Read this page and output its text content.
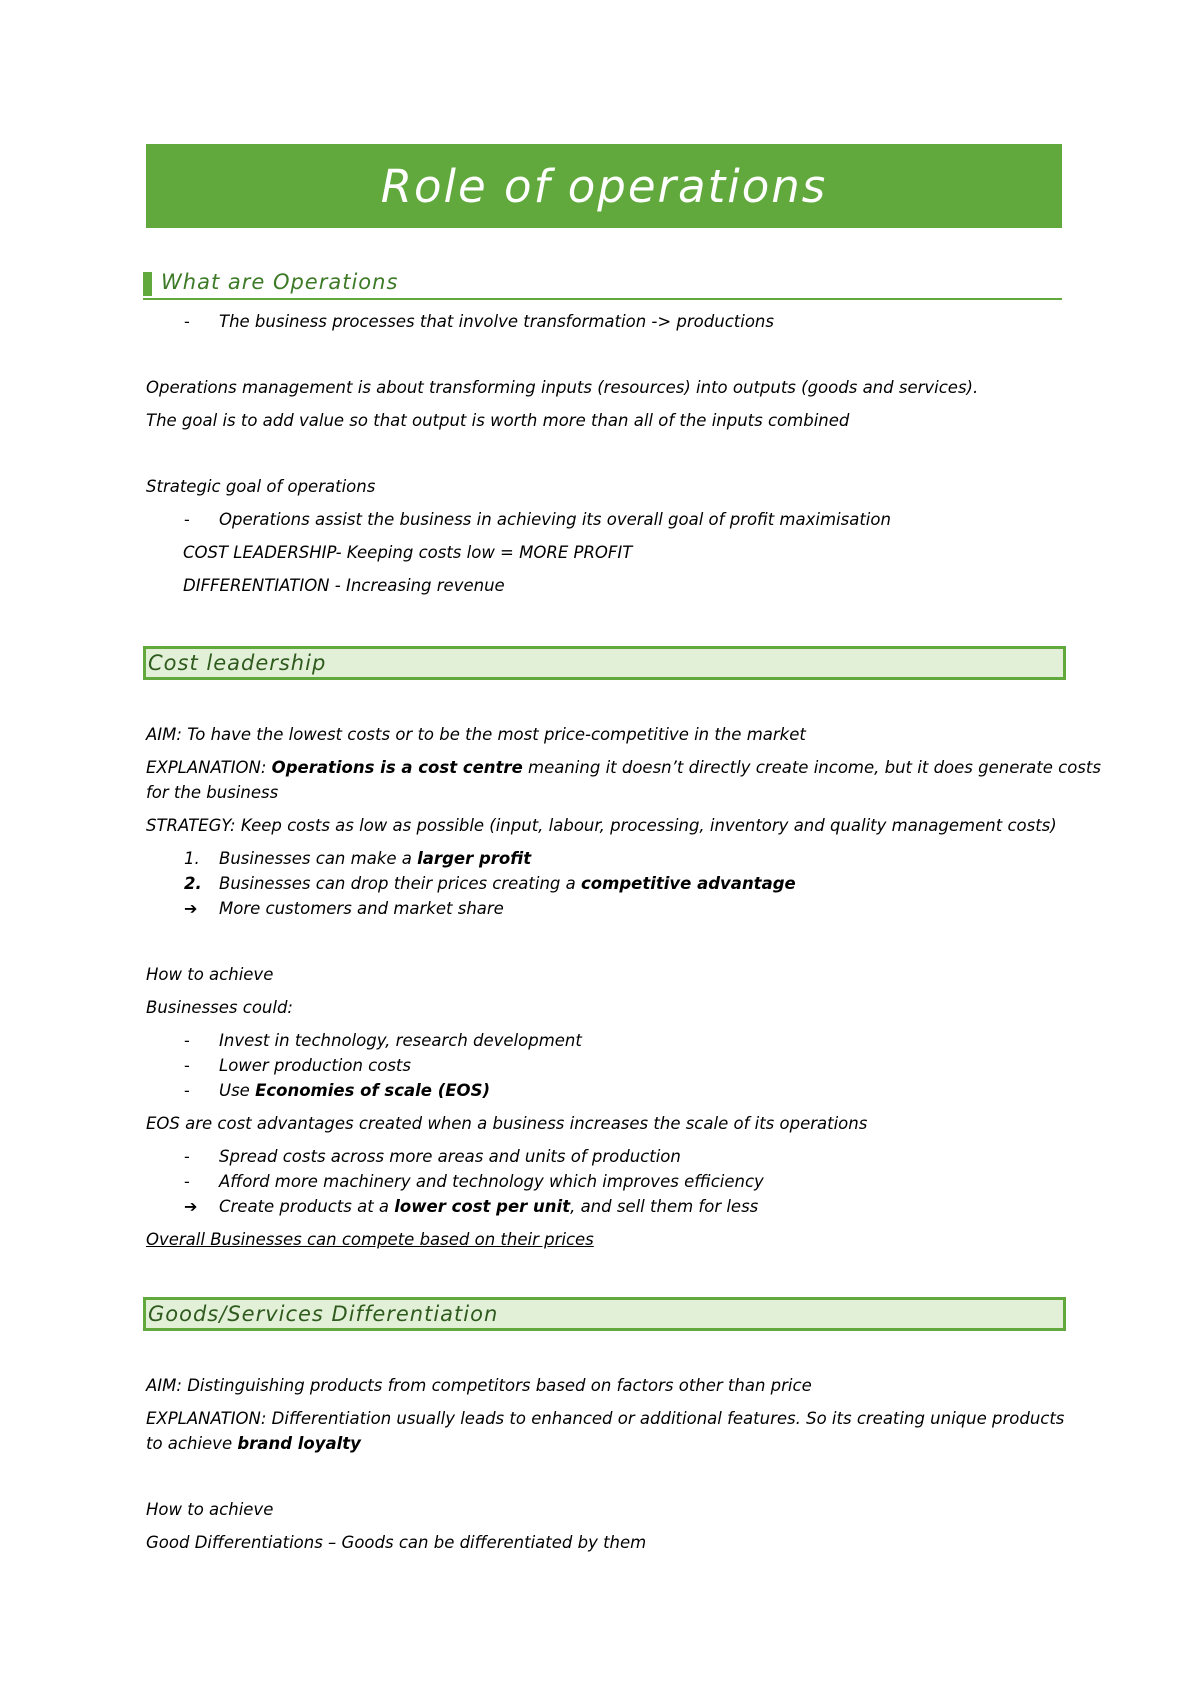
Role of operations
What are Operations
- The business processes that involve transformation -> productions
Operations management is about transforming inputs (resources) into outputs (goods and services).
The goal is to add value so that output is worth more than all of the inputs combined
Strategic goal of operations
- Operations assist the business in achieving its overall goal of profit maximisation
COST LEADERSHIP- Keeping costs low = MORE PROFIT
DIFFERENTIATION - Increasing revenue
Cost leadership
AIM: To have the lowest costs or to be the most price-competitive in the market
EXPLANATION: Operations is a cost centre meaning it doesn’t directly create income, but it does generate costs
for the business
STRATEGY: Keep costs as low as possible (input, labour, processing, inventory and quality management costs)
1. Businesses can make a larger profit
2. Businesses can drop their prices creating a competitive advantage
➔ More customers and market share
How to achieve
Businesses could:
- Invest in technology, research development
- Lower production costs
- Use Economies of scale (EOS)
EOS are cost advantages created when a business increases the scale of its operations
- Spread costs across more areas and units of production
- Afford more machinery and technology which improves efficiency
➔ Create products at a lower cost per unit, and sell them for less
Overall Businesses can compete based on their prices
Goods/Services Differentiation
AIM: Distinguishing products from competitors based on factors other than price
EXPLANATION: Differentiation usually leads to enhanced or additional features. So its creating unique products
to achieve brand loyalty
How to achieve
Good Differentiations – Goods can be differentiated by them
